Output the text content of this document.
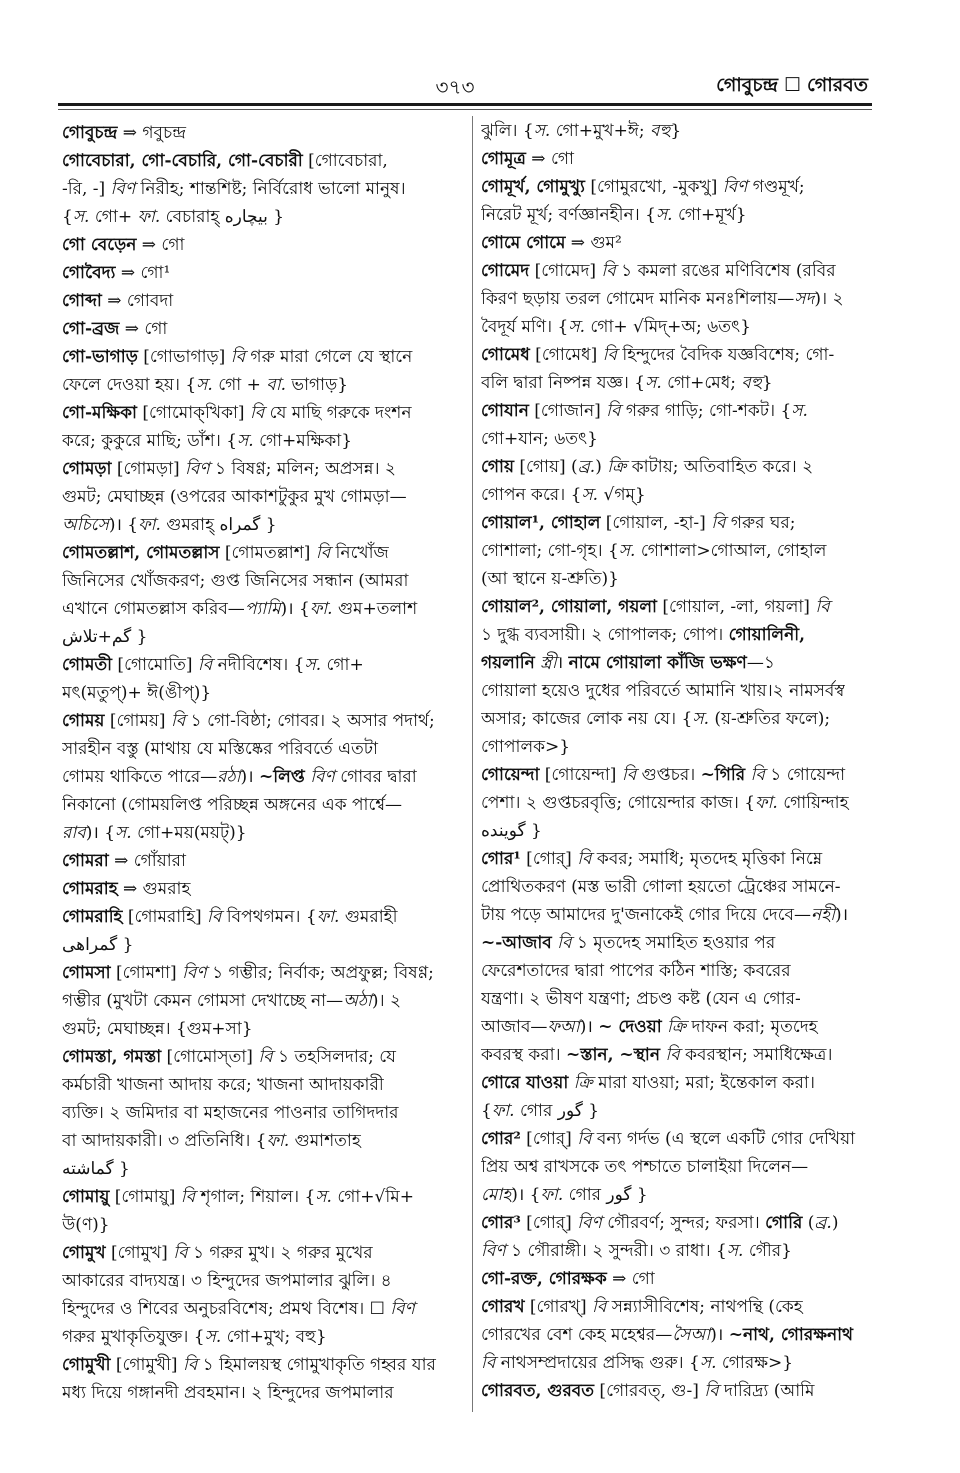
৩৭৩	গোবুচন্দ্র ☐ গোরবত
গোবুচন্দ্র ⇒ গবুচন্দ্র
গোবেচারা, গো-বেচারি, গো-বেচারী [গোবেচারা,
-রি, -] বিণ নিরীহ; শান্তশিষ্ট; নির্বিরোধ ভালো মানুষ।
{স. গো+ ফা. বেচারাহ্ بیچاره }
গো বেড়েন ⇒ গো
গোবৈদ্য ⇒ গো¹
গোব্দা ⇒ গোবদা
গো-ব্রজ ⇒ গো
গো-ভাগাড় [গোভাগাড়] বি গরু মারা গেলে যে স্থানে
ফেলে দেওয়া হয়। {স. গো + বা. ভাগাড়}
গো-মক্ষিকা [গোমোক্‌খিকা] বি যে মাছি গরুকে দংশন
করে; কুকুরে মাছি; ডাঁশ। {স. গো+মক্ষিকা}
গোমড়া [গোমড়া] বিণ ১ বিষণ্ণ; মলিন; অপ্রসন্ন। ২
গুমট; মেঘাচ্ছন্ন (ওপরের আকাশটুকুর মুখ গোমড়া—
অচিসে)। {ফা. গুমরাহ্ گمراه }
গোমতল্লাশ, গোমতল্লাস [গোমতল্লাশ] বি নিখোঁজ
জিনিসের খোঁজকরণ; গুপ্ত জিনিসের সন্ধান (আমরা
এখানে গোমতল্লাস করিব—প্যামি)। {ফা. গুম+তলাশ
گم+تلاش }
গোমতী [গোমোতি] বি নদীবিশেষ। {স. গো+
মৎ(মতুপ্)+ ঈ(ঙীপ্)}
গোময় [গোময়] বি ১ গো-বিষ্ঠা; গোবর। ২ অসার পদার্থ;
সারহীন বস্তু (মাথায় যে মস্তিষ্কের পরিবর্তে এতটা
গোময় থাকিতে পারে—রঠা)। ~লিপ্ত বিণ গোবর দ্বারা
নিকানো (গোময়লিপ্ত পরিচ্ছন্ন অঙ্গনের এক পার্শ্বে—
রাব)। {স. গো+ময়(ময়ট্)}
গোমরা ⇒ গোঁয়ারা
গোমরাহ ⇒ গুমরাহ
গোমরাহি [গোমরাহি] বি বিপথগমন। {ফা. গুমরাহী
گمراهی }
গোমসা [গোমশা] বিণ ১ গম্ভীর; নির্বাক; অপ্রফুল্ল; বিষণ্ণ;
গম্ভীর (মুখটা কেমন গোমসা দেখাচ্ছে না—অঠা)। ২
গুমট; মেঘাচ্ছন্ন। {গুম+সা}
গোমস্তা, গমস্তা [গোমোস্‌তা] বি ১ তহসিলদার; যে
কর্মচারী খাজনা আদায় করে; খাজনা আদায়কারী
ব্যক্তি। ২ জমিদার বা মহাজনের পাওনার তাগিদদার
বা আদায়কারী। ৩ প্রতিনিধি। {ফা. গুমাশতাহ
گماشته }
গোমায়ু [গোমায়ু] বি শৃগাল; শিয়াল। {স. গো+√মি+
উ(ণ)}
গোমুখ [গোমুখ] বি ১ গরুর মুখ। ২ গরুর মুখের
আকারের বাদ্যযন্ত্র। ৩ হিন্দুদের জপমালার ঝুলি। ৪
হিন্দুদের ও শিবের অনুচরবিশেষ; প্রমথ বিশেষ। ☐ বিণ
গরুর মুখাকৃতিযুক্ত। {স. গো+মুখ; বহু}
গোমুখী [গোমুখী] বি ১ হিমালয়স্থ গোমুখাকৃতি গহ্বর যার
মধ্য দিয়ে গঙ্গানদী প্রবহমান। ২ হিন্দুদের জপমালার
ঝুলি। {স. গো+মুখ+ঈ; বহু}
গোমূত্র ⇒ গো
গোমূর্খ, গোমুখ্যু [গোমুরখো, -মুকখু] বিণ গণ্ডমূর্খ;
নিরেট মূর্খ; বর্ণজ্ঞানহীন। {স. গো+মূর্খ}
গোমে গোমে ⇒ গুম²
গোমেদ [গোমেদ] বি ১ কমলা রঙের মণিবিশেষ (রবির
কিরণ ছড়ায় তরল গোমেদ মানিক মনঃশিলায়—সদ)। ২
বৈদূর্য মণি। {স. গো+ √মিদ্+অ; ৬তৎ}
গোমেধ [গোমেধ] বি হিন্দুদের বৈদিক যজ্ঞবিশেষ; গো-
বলি দ্বারা নিষ্পন্ন যজ্ঞ। {স. গো+মেধ; বহু}
গোযান [গোজান] বি গরুর গাড়ি; গো-শকট। {স.
গো+যান; ৬তৎ}
গোয় [গোয়] (ব্র.) ক্রি কাটায়; অতিবাহিত করে। ২
গোপন করে। {স. √গম্}
গোয়াল¹, গোহাল [গোয়াল, -হা-] বি গরুর ঘর;
গোশালা; গো-গৃহ। {স. গোশালা>গোআল, গোহাল
(আ স্থানে য়-শ্রুতি)}
গোয়াল², গোয়ালা, গয়লা [গোয়াল, -লা, গয়লা] বি
১ দুগ্ধ ব্যবসায়ী। ২ গোপালক; গোপ। গোয়ালিনী,
গয়লানি স্ত্রী। নামে গোয়ালা কাঁজি ভক্ষণ—১
গোয়ালা হয়েও দুধের পরিবর্তে আমানি খায়।২ নামসর্বস্ব
অসার; কাজের লোক নয় যে। {স. (য়-শ্রুতির ফলে);
গোপালক>}
গোয়েন্দা [গোয়েন্দা] বি গুপ্তচর। ~গিরি বি ১ গোয়েন্দা
পেশা। ২ গুপ্তচরবৃত্তি; গোয়েন্দার কাজ। {ফা. গোয়িন্দাহ
گوینده }
গোর¹ [গোর্] বি কবর; সমাধি; মৃতদেহ মৃত্তিকা নিম্নে
প্রোথিতকরণ (মস্ত ভারী গোলা হয়তো ট্রেঞ্চের সামনে-
টায় পড়ে আমাদের দু'জনাকেই গোর দিয়ে দেবে—নহী)।
~-আজাব বি ১ মৃতদেহ সমাহিত হওয়ার পর
ফেরেশতাদের দ্বারা পাপের কঠিন শাস্তি; কবরের
যন্ত্রণা। ২ ভীষণ যন্ত্রণা; প্রচণ্ড কষ্ট (যেন এ গোর-
আজাব—ফআ)। ~ দেওয়া ক্রি দাফন করা; মৃতদেহ
কবরস্থ করা। ~স্তান, ~স্থান বি কবরস্থান; সমাধিক্ষেত্র।
গোরে যাওয়া ক্রি মারা যাওয়া; মরা; ইন্তেকাল করা।
{ফা. গোর گور }
গোর² [গোর্] বি বন্য গর্দভ (এ স্থলে একটি গোর দেখিয়া
প্রিয় অশ্ব রাখসকে তৎ পশ্চাতে চালাইয়া দিলেন—
মোহ)। {ফা. গোর گور }
গোর³ [গোর্] বিণ গৌরবর্ণ; সুন্দর; ফরসা। গোরি (ব্র.)
বিণ ১ গৌরাঙ্গী। ২ সুন্দরী। ৩ রাধা। {স. গৌর}
গো-রক্ত, গোরক্ষক ⇒ গো
গোরখ [গোরখ্] বি সন্ন্যাসীবিশেষ; নাথপন্থি (কেহ
গোরখের বেশ কেহ মহেশ্বর—সৈআ)। ~নাথ, গোরক্ষনাথ
বি নাথসম্প্রদায়ের প্রসিদ্ধ গুরু। {স. গোরক্ষ>}
গোরবত, গুরবত [গোরবত্, গু-] বি দারিদ্র্য (আমি
